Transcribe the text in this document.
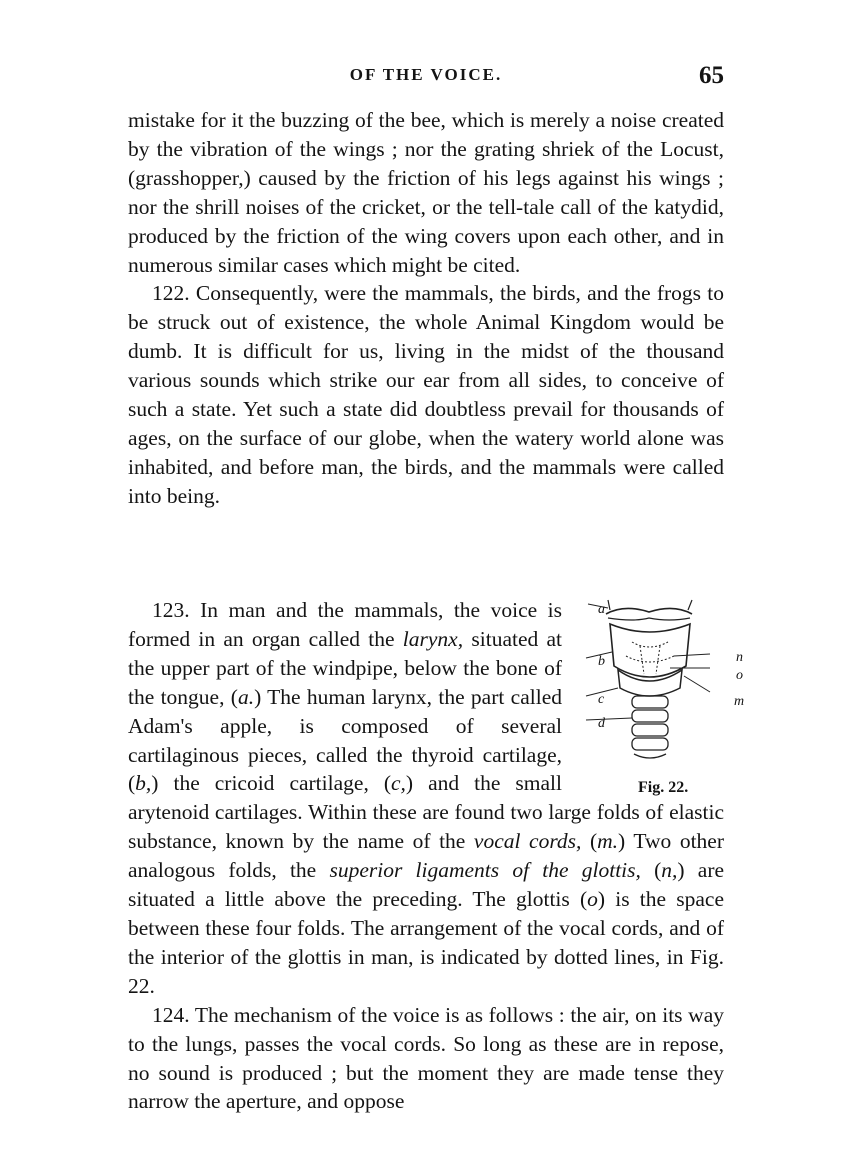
OF THE VOICE.	65

mistake for it the buzzing of the bee, which is merely a noise created by the vibration of the wings ; nor the grating shriek of the Locust, (grasshopper,) caused by the friction of his legs against his wings ; nor the shrill noises of the cricket, or the tell-tale call of the katydid, produced by the friction of the wing covers upon each other, and in numerous similar cases which might be cited.

122. Consequently, were the mammals, the birds, and the frogs to be struck out of existence, the whole Animal Kingdom would be dumb. It is difficult for us, living in the midst of the thousand various sounds which strike our ear from all sides, to conceive of such a state. Yet such a state did doubtless prevail for thousands of ages, on the surface of our globe, when the watery world alone was inhabited, and before man, the birds, and the mammals were called into being.

a
b
c
d
n
o
m
Fig. 22.
123. In man and the mammals, the voice is formed in an organ called the larynx, situated at the upper part of the windpipe, below the bone of the tongue, (a.) The human larynx, the part called Adam's apple, is composed of several cartilaginous pieces, called the thyroid cartilage, (b,) the cricoid cartilage, (c,) and the small arytenoid cartilages. Within these are found two large folds of elastic substance, known by the name of the vocal cords, (m.) Two other analogous folds, the superior ligaments of the glottis, (n,) are situated a little above the preceding. The glottis (o) is the space between these four folds. The arrangement of the vocal cords, and of the interior of the glottis in man, is indicated by dotted lines, in Fig. 22.

124. The mechanism of the voice is as follows : the air, on its way to the lungs, passes the vocal cords. So long as these are in repose, no sound is produced ; but the moment they are made tense they narrow the aperture, and oppose
